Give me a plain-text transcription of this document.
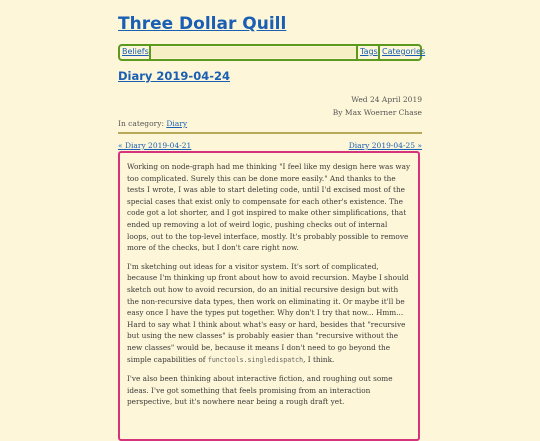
Three Dollar Quill
Beliefs	Tags Categories
Diary 2019-04-24
Wed 24 April 2019
By Max Woerner Chase
In category: Diary
« Diary 2019-04-21	Diary 2019-04-25 »

Working on node-graph had me thinking "I feel like my design here was way too complicated. Surely this can be done more easily." And thanks to the tests I wrote, I was able to start deleting code, until I'd excised most of the special cases that exist only to compensate for each other's existence. The code got a lot shorter, and I got inspired to make other simplifications, that ended up removing a lot of weird logic, pushing checks out of internal loops, out to the top-level interface, mostly. It's probably possible to remove more of the checks, but I don't care right now.

I'm sketching out ideas for a visitor system. It's sort of complicated, because I'm thinking up front about how to avoid recursion. Maybe I should sketch out how to avoid recursion, do an initial recursive design but with the non-recursive data types, then work on eliminating it. Or maybe it'll be easy once I have the types put together. Why don't I try that now... Hmm... Hard to say what I think about what's easy or hard, besides that "recursive but using the new classes" is probably easier than "recursive without the new classes" would be, because it means I don't need to go beyond the simple capabilities of functools.singledispatch, I think.

I've also been thinking about interactive fiction, and roughing out some ideas. I've got something that feels promising from an interaction perspective, but it's nowhere near being a rough draft yet.
